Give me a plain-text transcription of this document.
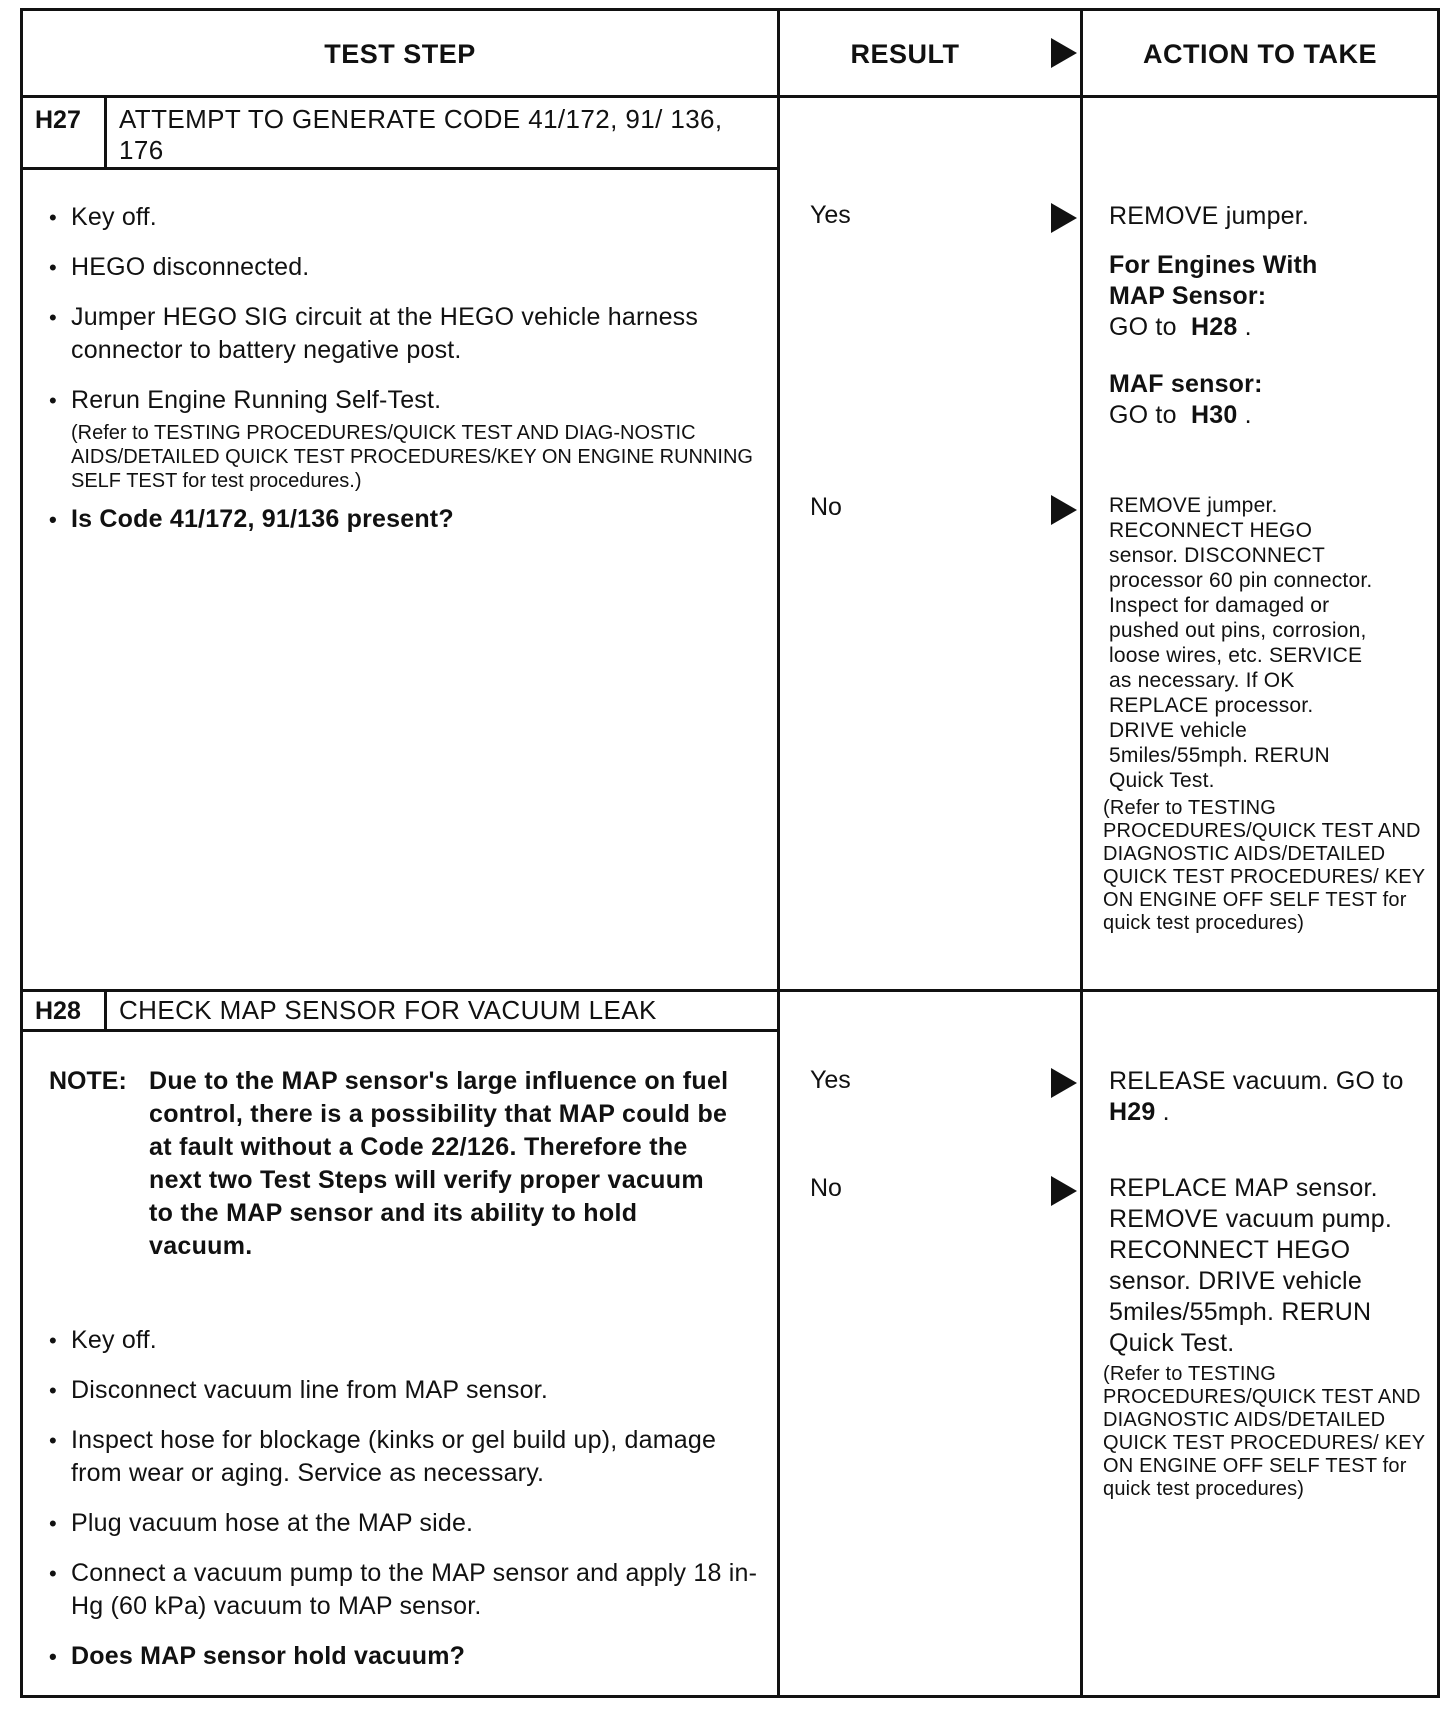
TEST STEP	RESULT	ACTION TO TAKE
H27	ATTEMPT TO GENERATE CODE 41/172, 91/ 136, 176
• Key off.
• HEGO disconnected.
• Jumper HEGO SIG circuit at the HEGO vehicle harness connector to battery negative post.
• Rerun Engine Running Self-Test.
(Refer to TESTING PROCEDURES/QUICK TEST AND DIAG-NOSTIC AIDS/DETAILED QUICK TEST PROCEDURES/KEY ON ENGINE RUNNING SELF TEST for test procedures.)
• Is Code 41/172, 91/136 present?
Yes	REMOVE jumper.
For Engines With MAP Sensor:
GO to H28 .
MAF sensor:
GO to H30 .
No	REMOVE jumper. RECONNECT HEGO sensor. DISCONNECT processor 60 pin connector. Inspect for damaged or pushed out pins, corrosion, loose wires, etc. SERVICE as necessary. If OK REPLACE processor. DRIVE vehicle 5miles/55mph. RERUN Quick Test.
(Refer to TESTING PROCEDURES/QUICK TEST AND DIAGNOSTIC AIDS/DETAILED QUICK TEST PROCEDURES/ KEY ON ENGINE OFF SELF TEST for quick test procedures)
H28	CHECK MAP SENSOR FOR VACUUM LEAK
NOTE: Due to the MAP sensor's large influence on fuel control, there is a possibility that MAP could be at fault without a Code 22/126. Therefore the next two Test Steps will verify proper vacuum to the MAP sensor and its ability to hold vacuum.
• Key off.
• Disconnect vacuum line from MAP sensor.
• Inspect hose for blockage (kinks or gel build up), damage from wear or aging. Service as necessary.
• Plug vacuum hose at the MAP side.
• Connect a vacuum pump to the MAP sensor and apply 18 in-Hg (60 kPa) vacuum to MAP sensor.
• Does MAP sensor hold vacuum?
Yes	RELEASE vacuum. GO to H29 .
No	REPLACE MAP sensor. REMOVE vacuum pump. RECONNECT HEGO sensor. DRIVE vehicle 5miles/55mph. RERUN Quick Test.
(Refer to TESTING PROCEDURES/QUICK TEST AND DIAGNOSTIC AIDS/DETAILED QUICK TEST PROCEDURES/ KEY ON ENGINE OFF SELF TEST for quick test procedures)
